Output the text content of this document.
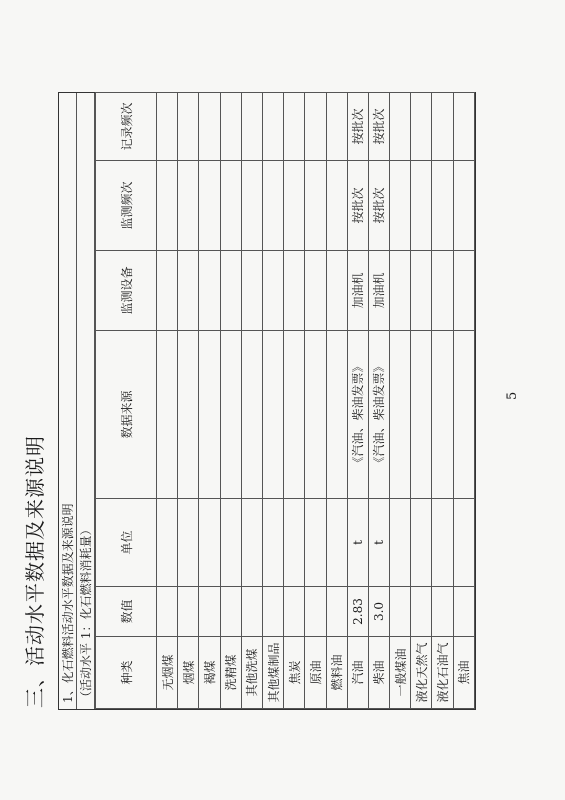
三、活动水平数据及来源说明 1、化石燃料活动水平数据及来源说明 （活动水平 1：化石燃料消耗量） 种类	数值	单位	数据来源	监测设备	监测频次	记录频次
无烟煤						
烟煤						
褐煤						
洗精煤						
其他洗煤						
其他煤制品						
焦炭						
原油						
燃料油						
汽油	2.83	t	《汽油、柴油发票》	加油机	按批次	按批次
柴油	3.0	t	《汽油、柴油发票》	加油机	按批次	按批次
一般煤油						
液化天然气						
液化石油气						
焦油						
5
